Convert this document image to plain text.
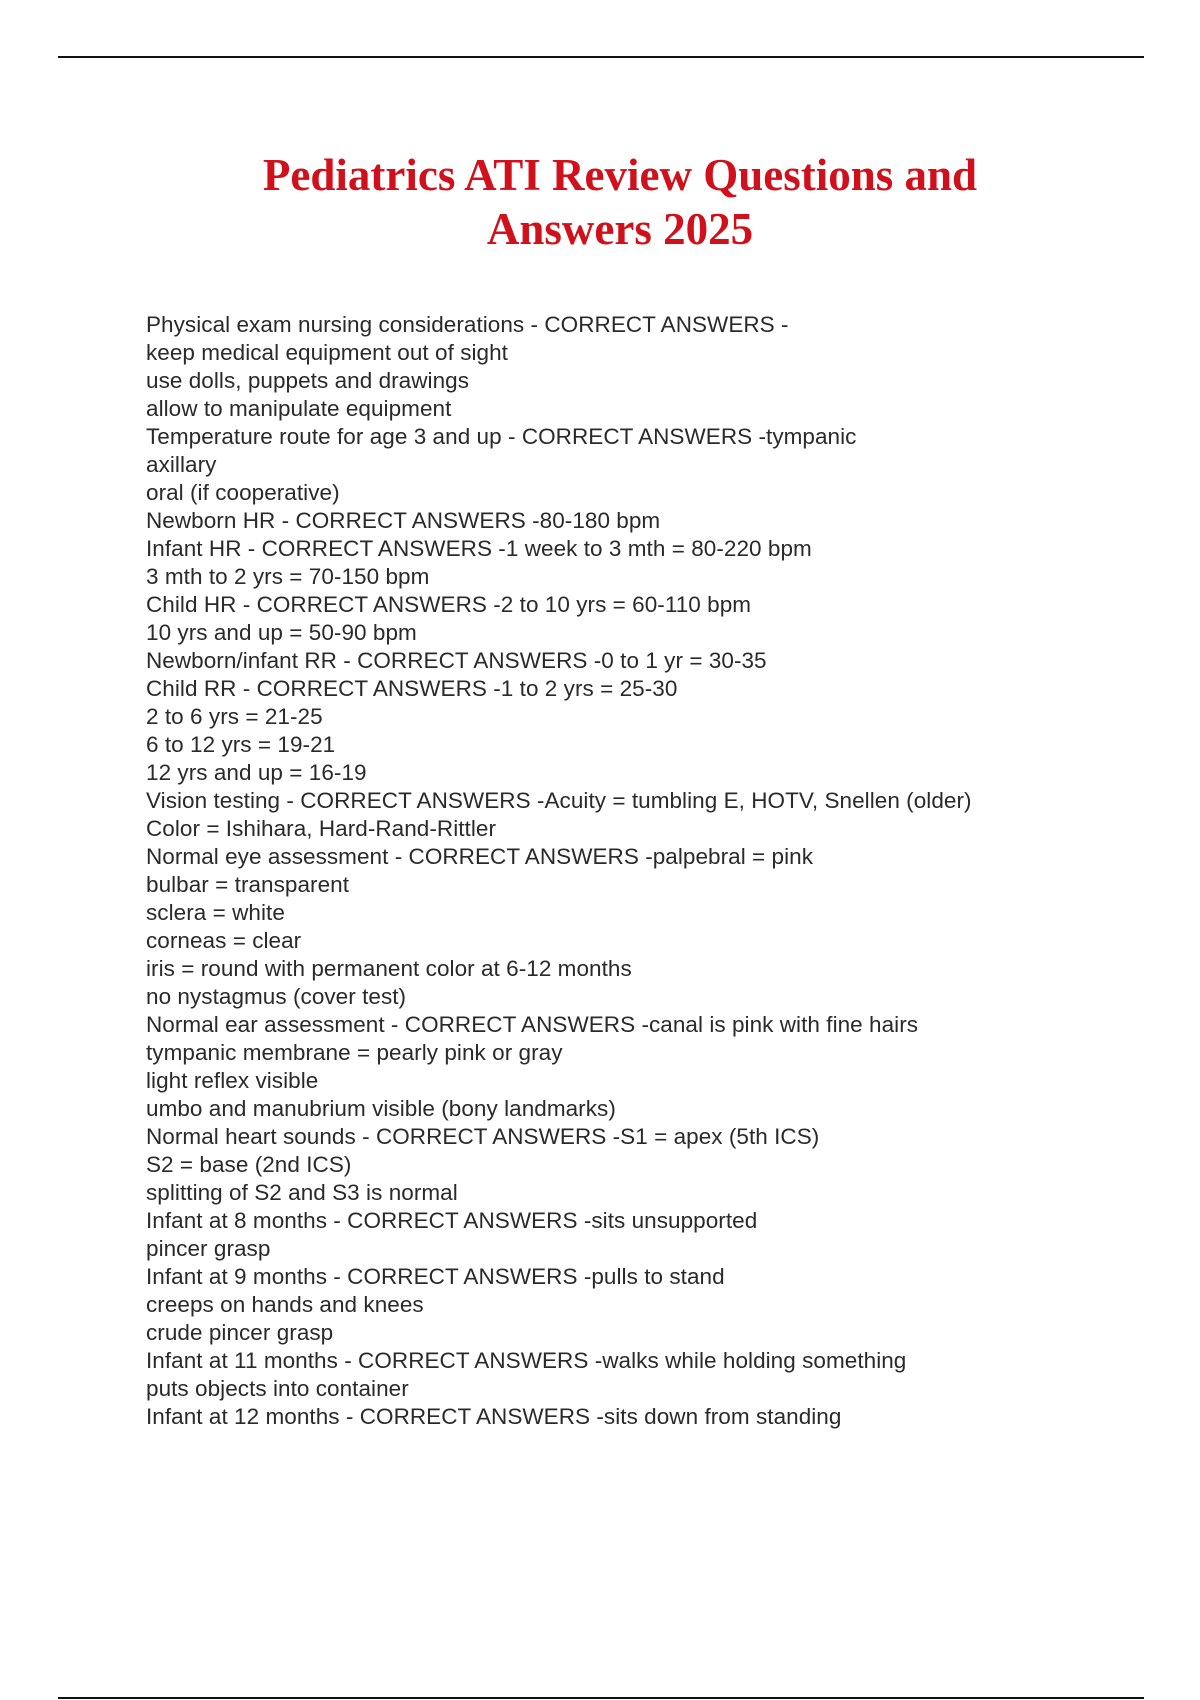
Pediatrics ATI Review Questions and
Answers 2025
Physical exam nursing considerations - CORRECT ANSWERS -
keep medical equipment out of sight
use dolls, puppets and drawings
allow to manipulate equipment
Temperature route for age 3 and up - CORRECT ANSWERS -tympanic
axillary
oral (if cooperative)
Newborn HR - CORRECT ANSWERS -80-180 bpm
Infant HR - CORRECT ANSWERS -1 week to 3 mth = 80-220 bpm
3 mth to 2 yrs = 70-150 bpm
Child HR - CORRECT ANSWERS -2 to 10 yrs = 60-110 bpm
10 yrs and up = 50-90 bpm
Newborn/infant RR - CORRECT ANSWERS -0 to 1 yr = 30-35
Child RR - CORRECT ANSWERS -1 to 2 yrs = 25-30
2 to 6 yrs = 21-25
6 to 12 yrs = 19-21
12 yrs and up = 16-19
Vision testing - CORRECT ANSWERS -Acuity = tumbling E, HOTV, Snellen (older)
Color = Ishihara, Hard-Rand-Rittler
Normal eye assessment - CORRECT ANSWERS -palpebral = pink
bulbar = transparent
sclera = white
corneas = clear
iris = round with permanent color at 6-12 months
no nystagmus (cover test)
Normal ear assessment - CORRECT ANSWERS -canal is pink with fine hairs
tympanic membrane = pearly pink or gray
light reflex visible
umbo and manubrium visible (bony landmarks)
Normal heart sounds - CORRECT ANSWERS -S1 = apex (5th ICS)
S2 = base (2nd ICS)
splitting of S2 and S3 is normal
Infant at 8 months - CORRECT ANSWERS -sits unsupported
pincer grasp
Infant at 9 months - CORRECT ANSWERS -pulls to stand
creeps on hands and knees
crude pincer grasp
Infant at 11 months - CORRECT ANSWERS -walks while holding something
puts objects into container
Infant at 12 months - CORRECT ANSWERS -sits down from standing
